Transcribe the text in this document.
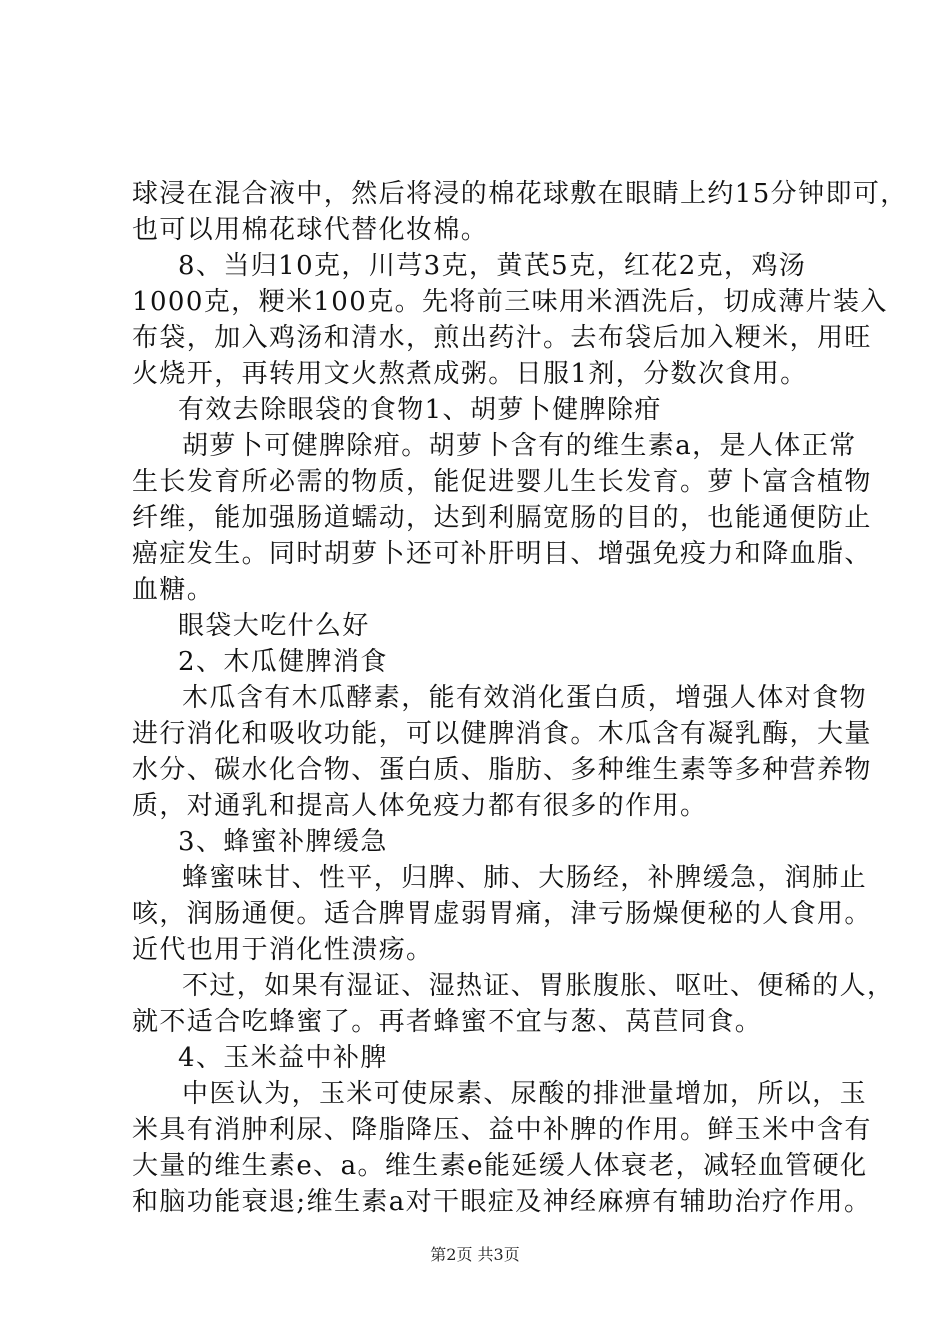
球浸在混合液中，然后将浸的棉花球敷在眼睛上约15分钟即可，
也可以用棉花球代替化妆棉。
8、当归10克，川芎3克，黄芪5克，红花2克，鸡汤
1000克，粳米100克。先将前三味用米酒洗后，切成薄片装入
布袋，加入鸡汤和清水，煎出药汁。去布袋后加入粳米，用旺
火烧开，再转用文火熬煮成粥。日服1剂，分数次食用。
有效去除眼袋的食物1、胡萝卜健脾除疳
胡萝卜可健脾除疳。胡萝卜含有的维生素a，是人体正常
生长发育所必需的物质，能促进婴儿生长发育。萝卜富含植物
纤维，能加强肠道蠕动，达到利膈宽肠的目的，也能通便防止
癌症发生。同时胡萝卜还可补肝明目、增强免疫力和降血脂、
血糖。
眼袋大吃什么好
2、木瓜健脾消食
木瓜含有木瓜酵素，能有效消化蛋白质，增强人体对食物
进行消化和吸收功能，可以健脾消食。木瓜含有凝乳酶，大量
水分、碳水化合物、蛋白质、脂肪、多种维生素等多种营养物
质，对通乳和提高人体免疫力都有很多的作用。
3、蜂蜜补脾缓急
蜂蜜味甘、性平，归脾、肺、大肠经，补脾缓急，润肺止
咳，润肠通便。适合脾胃虚弱胃痛，津亏肠燥便秘的人食用。
近代也用于消化性溃疡。
不过，如果有湿证、湿热证、胃胀腹胀、呕吐、便稀的人，
就不适合吃蜂蜜了。再者蜂蜜不宜与葱、莴苣同食。
4、玉米益中补脾
中医认为，玉米可使尿素、尿酸的排泄量增加，所以，玉
米具有消肿利尿、降脂降压、益中补脾的作用。鲜玉米中含有
大量的维生素e、a。维生素e能延缓人体衰老，减轻血管硬化
和脑功能衰退;维生素a对干眼症及神经麻痹有辅助治疗作用。
第2页 共3页
